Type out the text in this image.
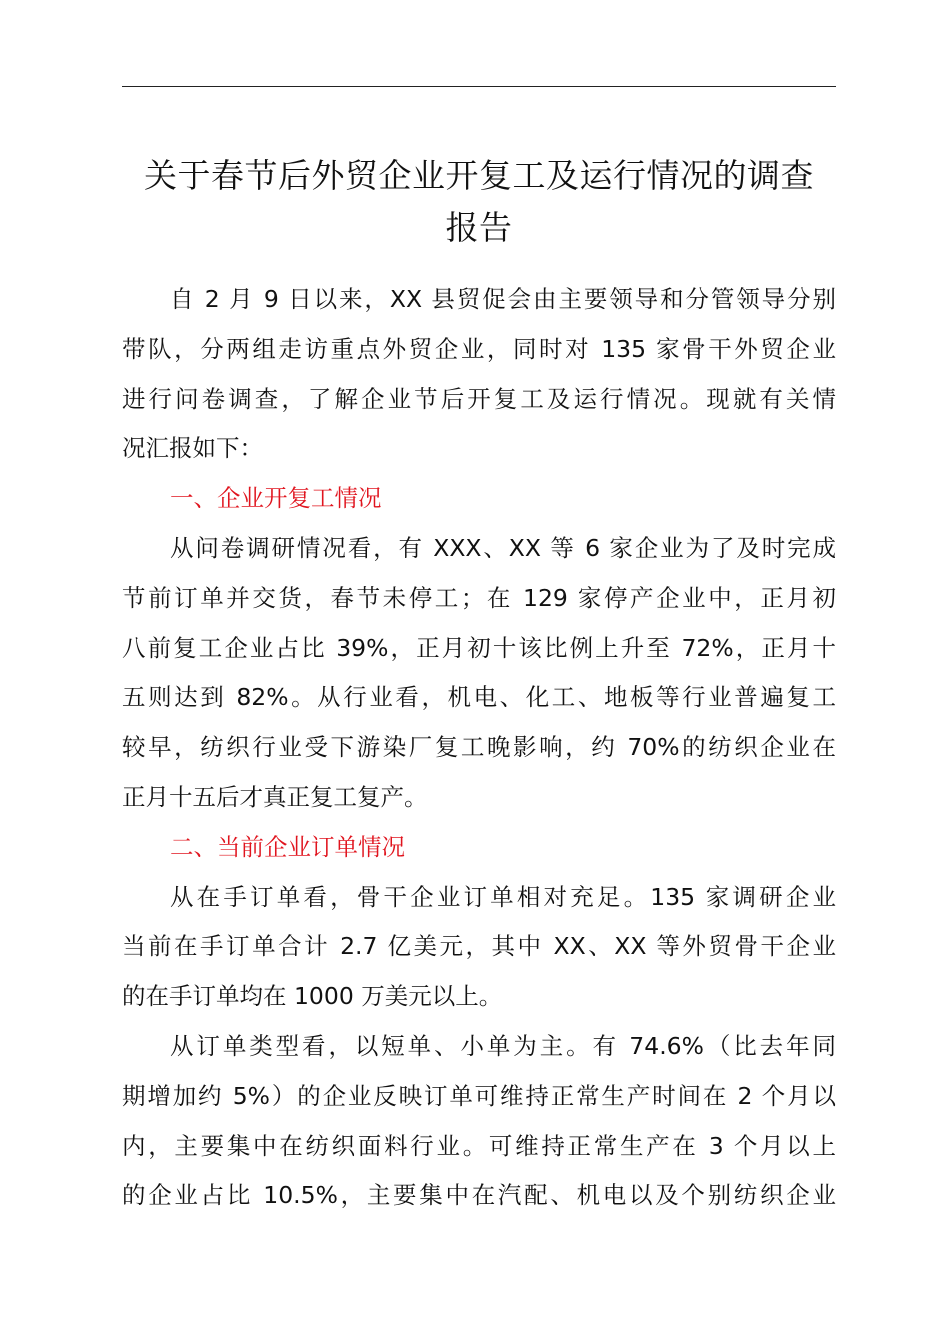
关于春节后外贸企业开复工及运行情况的调查
报告
自 2 月 9 日以来，XX 县贸促会由主要领导和分管领导分别
带队，分两组走访重点外贸企业，同时对 135 家骨干外贸企业
进行问卷调查，了解企业节后开复工及运行情况。现就有关情
况汇报如下：
一、企业开复工情况
从问卷调研情况看，有 XXX、XX 等 6 家企业为了及时完成
节前订单并交货，春节未停工；在 129 家停产企业中，正月初
八前复工企业占比 39%，正月初十该比例上升至 72%，正月十
五则达到 82%。从行业看，机电、化工、地板等行业普遍复工
较早，纺织行业受下游染厂复工晚影响，约 70%的纺织企业在
正月十五后才真正复工复产。
二、当前企业订单情况
从在手订单看，骨干企业订单相对充足。135 家调研企业
当前在手订单合计 2.7 亿美元，其中 XX、XX 等外贸骨干企业
的在手订单均在 1000 万美元以上。
从订单类型看，以短单、小单为主。有 74.6%（比去年同
期增加约 5%）的企业反映订单可维持正常生产时间在 2 个月以
内，主要集中在纺织面料行业。可维持正常生产在 3 个月以上
的企业占比 10.5%，主要集中在汽配、机电以及个别纺织企业
